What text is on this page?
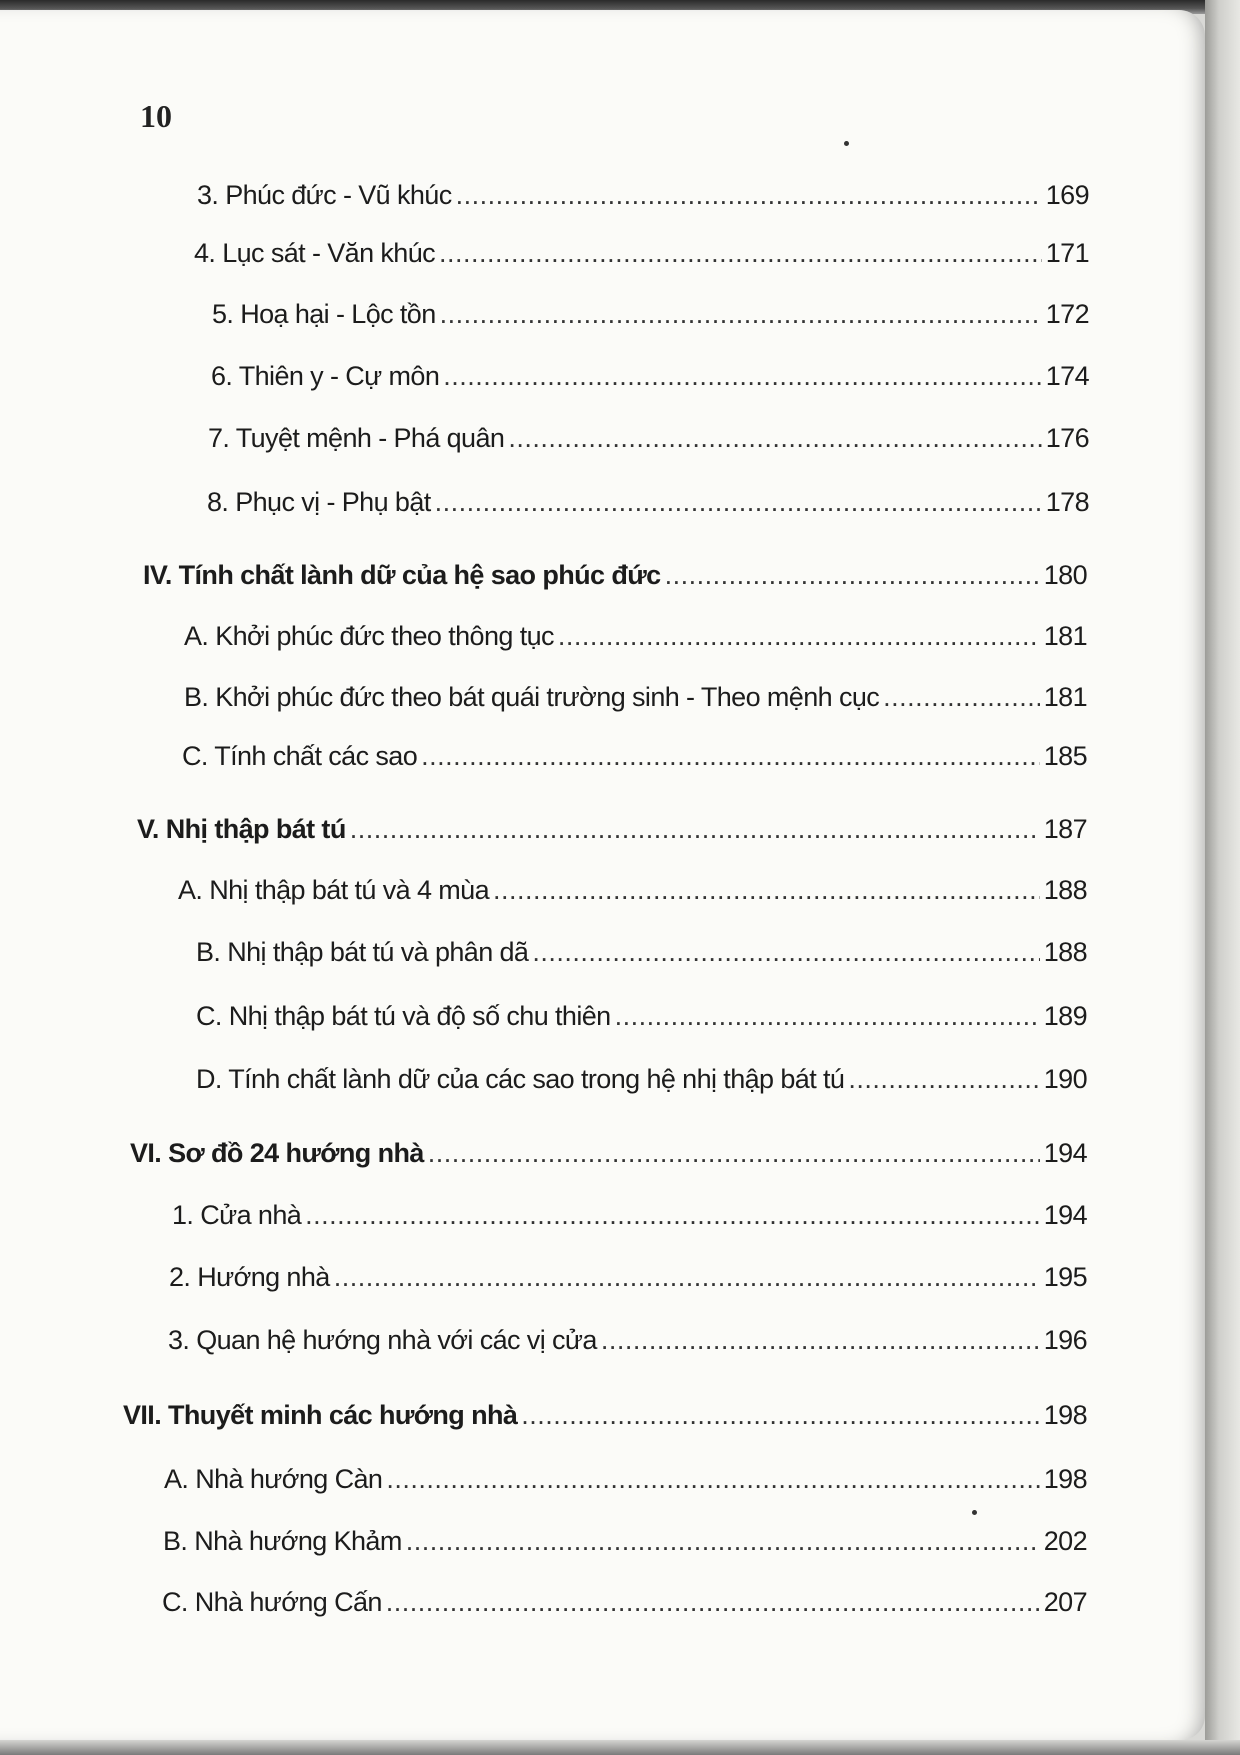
10
3. Phúc đức - Vũ khúc .....	169
4. Lục sát - Văn khúc .....	171
5. Hoạ hại - Lộc tồn .....	172
6. Thiên y - Cự môn .....	174
7. Tuyệt mệnh - Phá quân .....	176
8. Phục vị - Phụ bật .....	178
IV. Tính chất lành dữ của hệ sao phúc đức .....	180
A. Khởi phúc đức theo thông tục .....	181
B. Khởi phúc đức theo bát quái trường sinh - Theo mệnh cục .....	181
C. Tính chất các sao .....	185
V. Nhị thập bát tú .....	187
A. Nhị thập bát tú và 4 mùa .....	188
B. Nhị thập bát tú và phân dã .....	188
C. Nhị thập bát tú và độ số chu thiên .....	189
D. Tính chất lành dữ của các sao trong hệ nhị thập bát tú .....	190
VI. Sơ đồ 24 hướng nhà .....	194
1. Cửa nhà .....	194
2. Hướng nhà .....	195
3. Quan hệ hướng nhà với các vị cửa .....	196
VII. Thuyết minh các hướng nhà .....	198
A. Nhà hướng Càn .....	198
B. Nhà hướng Khảm .....	202
C. Nhà hướng Cấn .....	207
